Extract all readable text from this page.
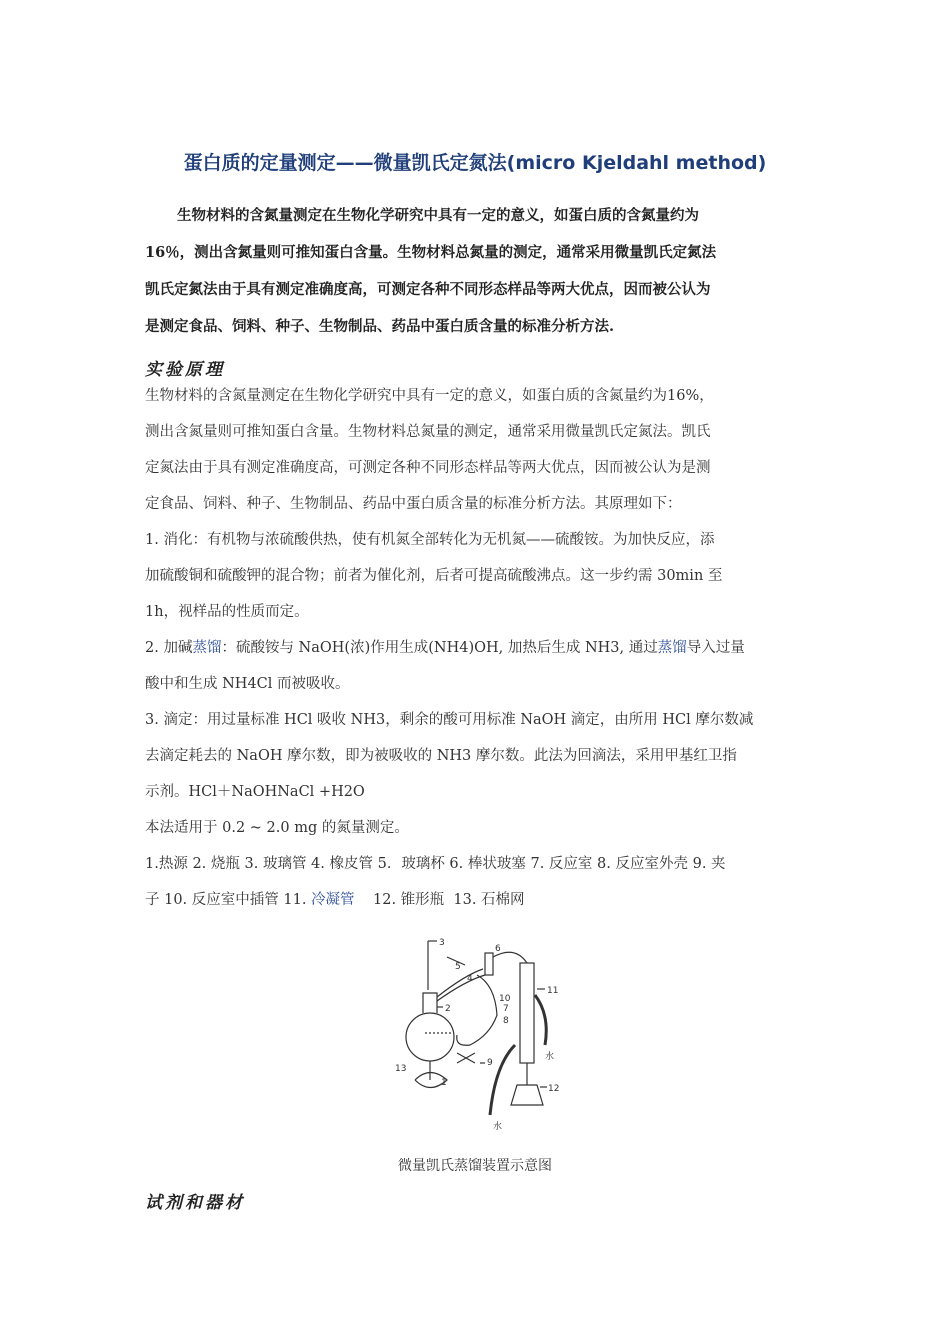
蛋白质的定量测定——微量凯氏定氮法(micro Kjeldahl method)

生物材料的含氮量测定在生物化学研究中具有一定的意义，如蛋白质的含氮量约为

16％，测出含氮量则可推知蛋白含量。生物材料总氮量的测定，通常采用微量凯氏定氮法

凯氏定氮法由于具有测定准确度高，可测定各种不同形态样品等两大优点，因而被公认为

是测定食品、饲料、种子、生物制品、药品中蛋白质含量的标准分析方法.

实验原理

生物材料的含氮量测定在生物化学研究中具有一定的意义，如蛋白质的含氮量约为16%，

测出含氮量则可推知蛋白含量。生物材料总氮量的测定，通常采用微量凯氏定氮法。凯氏

定氮法由于具有测定准确度高，可测定各种不同形态样品等两大优点，因而被公认为是测

定食品、饲料、种子、生物制品、药品中蛋白质含量的标准分析方法。其原理如下：

1. 消化：有机物与浓硫酸供热，使有机氮全部转化为无机氮——硫酸铵。为加快反应，添

加硫酸铜和硫酸钾的混合物；前者为催化剂，后者可提高硫酸沸点。这一步约需 30min 至

1h，视样品的性质而定。

2. 加碱蒸馏：硫酸铵与 NaOH(浓)作用生成(NH4)OH, 加热后生成 NH3, 通过蒸馏导入过量

酸中和生成 NH4Cl 而被吸收。

3. 滴定：用过量标准 HCl 吸收 NH3，剩余的酸可用标准 NaOH 滴定，由所用 HCl 摩尔数减

去滴定耗去的 NaOH 摩尔数，即为被吸收的 NH3 摩尔数。此法为回滴法，采用甲基红卫指

示剂。HCl＋NaOHNaCl +H2O

本法适用于 0.2 ~ 2.0 mg 的氮量测定。

1.热源 2. 烧瓶 3. 玻璃管 4. 橡皮管 5．玻璃杯 6. 棒状玻塞 7. 反应室 8. 反应室外壳 9. 夹

子 10. 反应室中插管 11. 冷凝管    12. 锥形瓶  13. 石棉网

1
2
3
4
5
6
7
8
9
10
11
12
13
水
水
微量凯氏蒸馏装置示意图
试剂和器材
